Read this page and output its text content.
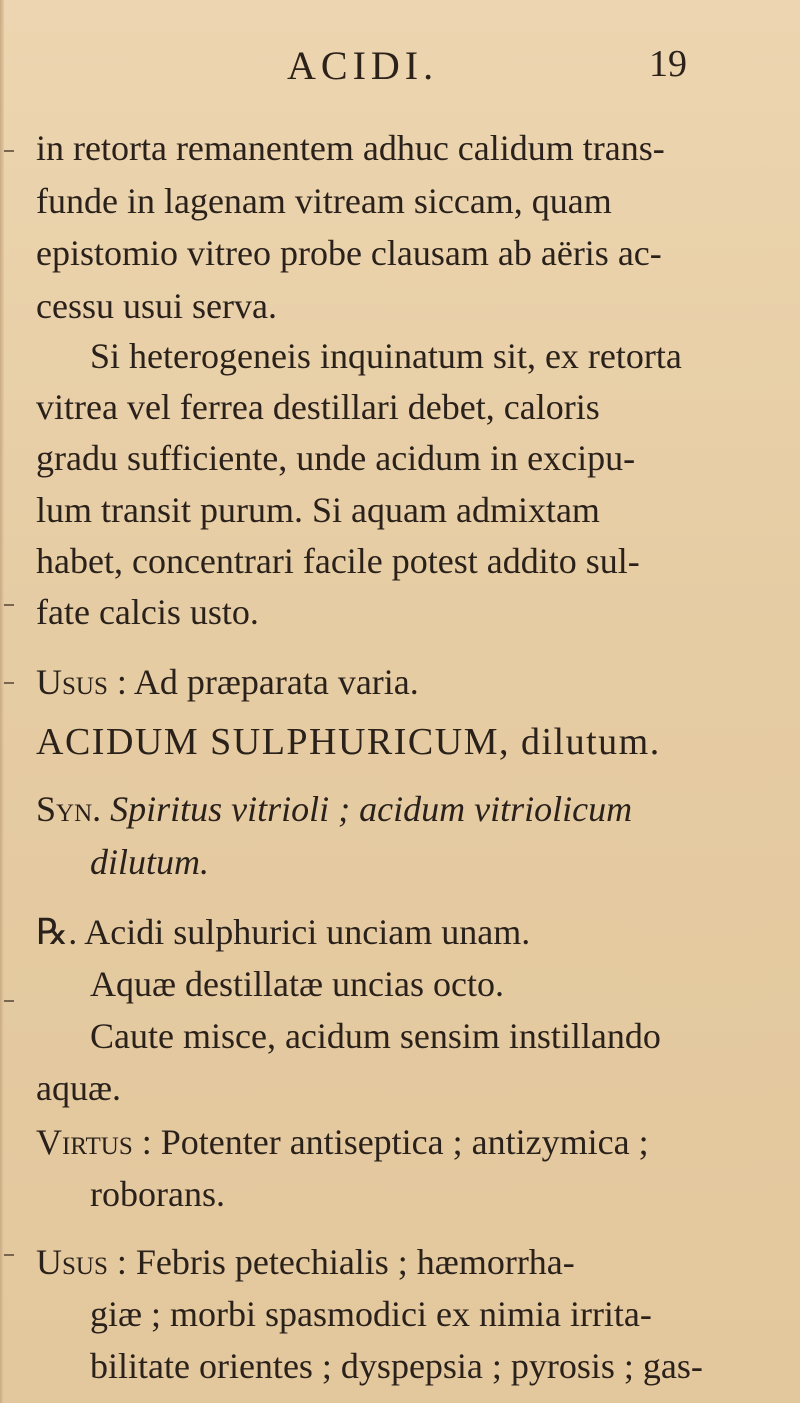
ACIDI.	19
in retorta remanentem adhuc calidum trans-
funde in lagenam vitream siccam, quam
epistomio vitreo probe clausam ab aëris ac-
cessu usui serva.
Si heterogeneis inquinatum sit, ex retorta
vitrea vel ferrea destillari debet, caloris
gradu sufficiente, unde acidum in excipu-
lum transit purum. Si aquam admixtam
habet, concentrari facile potest addito sul-
fate calcis usto.
Usus : Ad præparata varia.
ACIDUM SULPHURICUM, dilutum.
Syn. Spiritus vitrioli ; acidum vitriolicum
dilutum.
℞. Acidi sulphurici unciam unam.
Aquæ destillatæ uncias octo.
Caute misce, acidum sensim instillando
aquæ.
Virtus : Potenter antiseptica ; antizymica ;
roborans.
Usus : Febris petechialis ; hæmorrha-
giæ ; morbi spasmodici ex nimia irrita-
bilitate orientes ; dyspepsia ; pyrosis ; gas-
